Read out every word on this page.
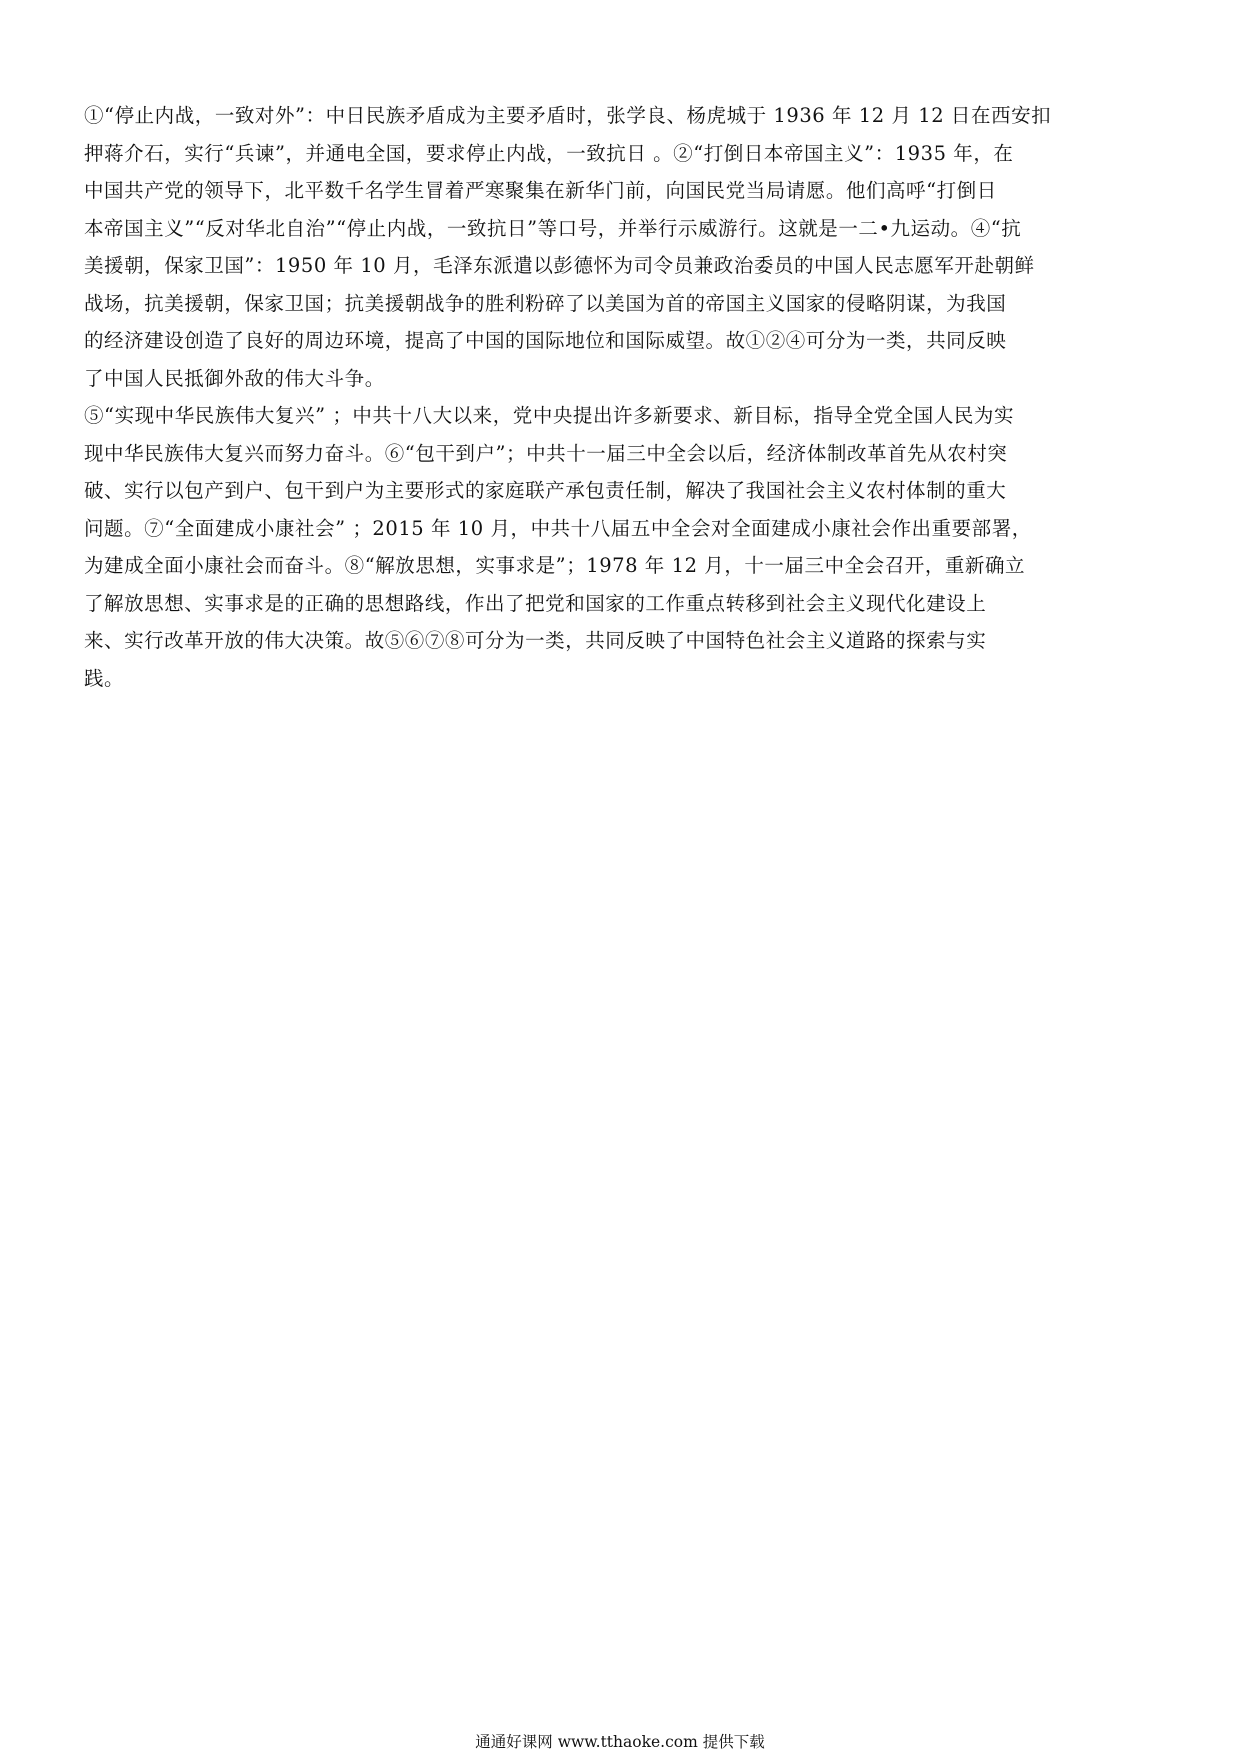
①“停止内战，一致对外”：中日民族矛盾成为主要矛盾时，张学良、杨虎城于 1936 年 12 月 12 日在西安扣
押蒋介石，实行“兵谏”，并通电全国，要求停止内战，一致抗日 。②“打倒日本帝国主义”：1935 年，在
中国共产党的领导下，北平数千名学生冒着严寒聚集在新华门前，向国民党当局请愿。他们高呼“打倒日
本帝国主义”“反对华北自治”“停止内战，一致抗日”等口号，并举行示威游行。这就是一二•九运动。④“抗
美援朝，保家卫国”：1950 年 10 月，毛泽东派遣以彭德怀为司令员兼政治委员的中国人民志愿军开赴朝鲜
战场，抗美援朝，保家卫国；抗美援朝战争的胜利粉碎了以美国为首的帝国主义国家的侵略阴谋，为我国
的经济建设创造了良好的周边环境，提高了中国的国际地位和国际威望。故①②④可分为一类，共同反映
了中国人民抵御外敌的伟大斗争。
⑤“实现中华民族伟大复兴” ；中共十八大以来，党中央提出许多新要求、新目标，指导全党全国人民为实
现中华民族伟大复兴而努力奋斗。⑥“包干到户”；中共十一届三中全会以后，经济体制改革首先从农村突
破、实行以包产到户、包干到户为主要形式的家庭联产承包责任制，解决了我国社会主义农村体制的重大
问题。⑦“全面建成小康社会” ；2015 年 10 月，中共十八届五中全会对全面建成小康社会作出重要部署，
为建成全面小康社会而奋斗。⑧“解放思想，实事求是”；1978 年 12 月，十一届三中全会召开，重新确立
了解放思想、实事求是的正确的思想路线，作出了把党和国家的工作重点转移到社会主义现代化建设上
来、实行改革开放的伟大决策。故⑤⑥⑦⑧可分为一类，共同反映了中国特色社会主义道路的探索与实
践。
通通好课网 www.tthaoke.com 提供下载
